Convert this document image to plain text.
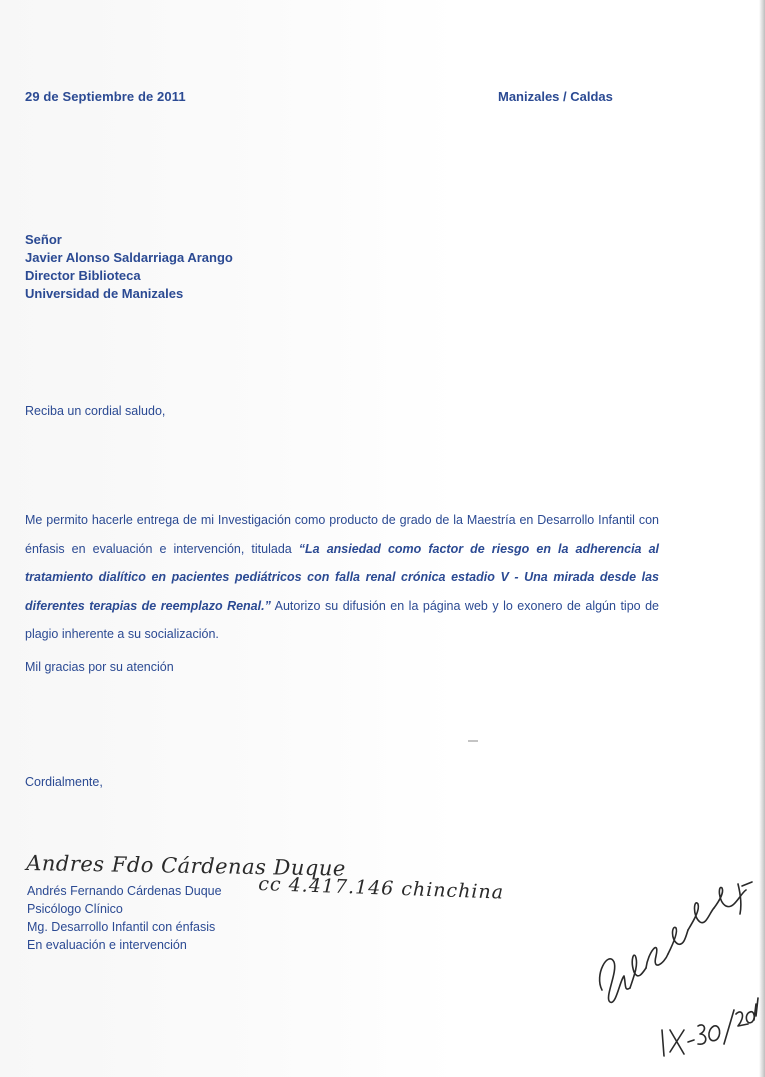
29 de Septiembre de 2011	Manizales / Caldas
Señor
Javier Alonso Saldarriaga Arango
Director Biblioteca
Universidad de Manizales
Reciba un cordial saludo,
Me permito hacerle entrega de mi Investigación como producto de grado de la Maestría en Desarrollo Infantil con énfasis en evaluación e intervención, titulada “La ansiedad como factor de riesgo en la adherencia al tratamiento dialítico en pacientes pediátricos con falla renal crónica estadio V - Una mirada desde las diferentes terapias de reemplazo Renal.” Autorizo su difusión en la página web y lo exonero de algún tipo de plagio inherente a su socialización.
Mil gracias por su atención
Cordialmente,
Andres Fdo Cárdenas Duque
cc 4.417.146 chinchina
Andrés Fernando Cárdenas Duque
Psicólogo Clínico
Mg. Desarrollo Infantil con énfasis
En evaluación e intervención
